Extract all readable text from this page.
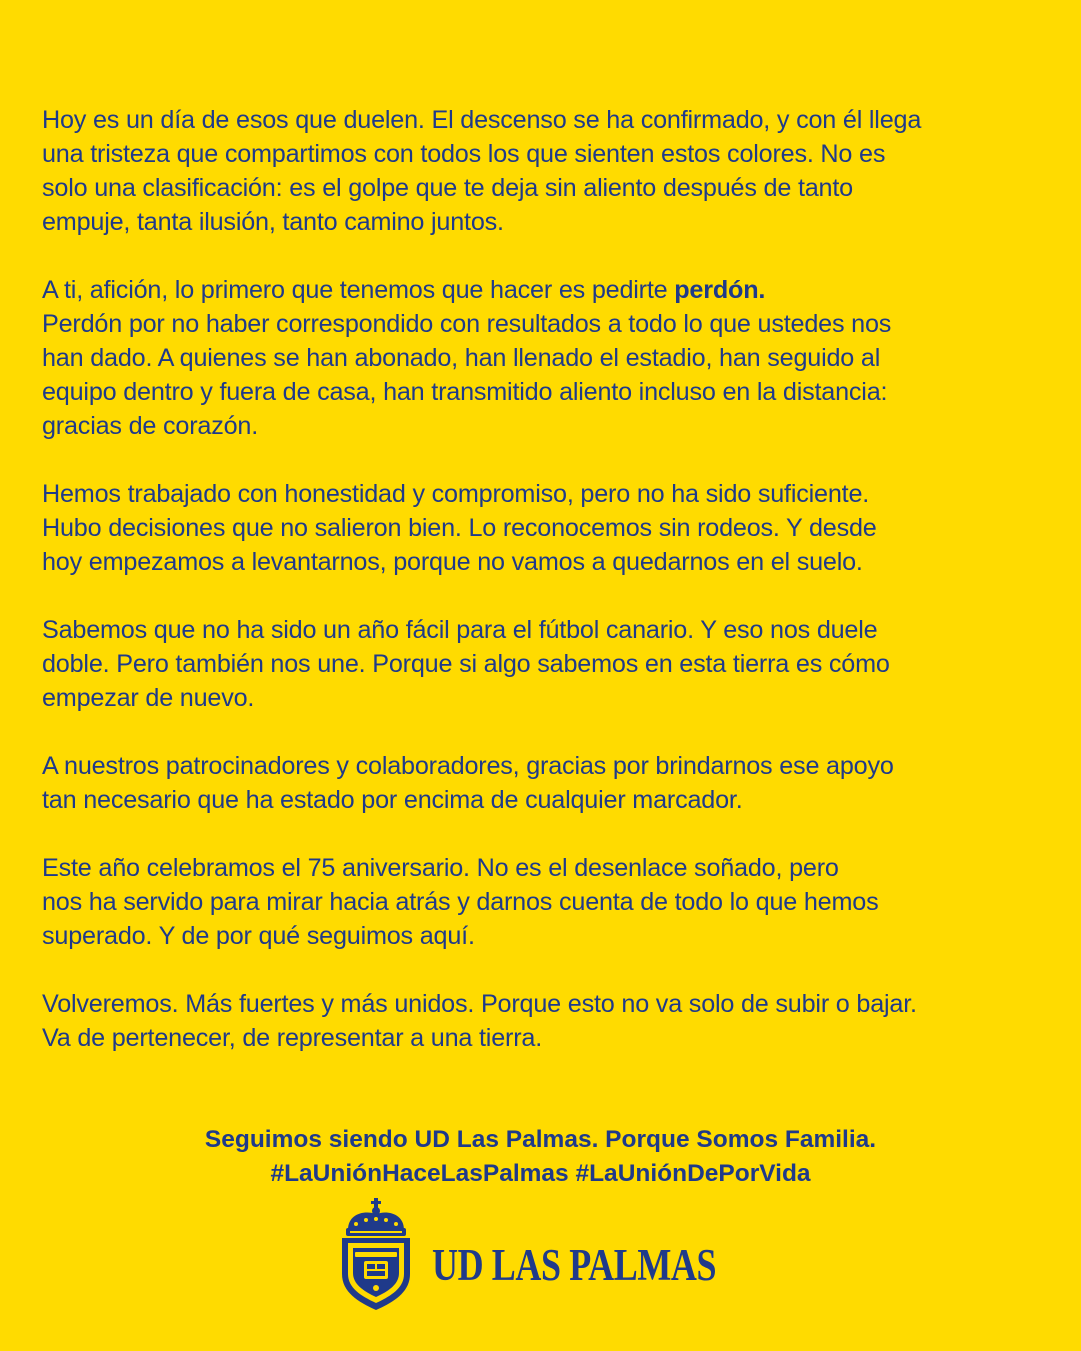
Hoy es un día de esos que duelen. El descenso se ha confirmado, y con él llega
una tristeza que compartimos con todos los que sienten estos colores. No es
solo una clasificación: es el golpe que te deja sin aliento después de tanto
empuje, tanta ilusión, tanto camino juntos.
A ti, afición, lo primero que tenemos que hacer es pedirte perdón.
Perdón por no haber correspondido con resultados a todo lo que ustedes nos
han dado. A quienes se han abonado, han llenado el estadio, han seguido al
equipo dentro y fuera de casa, han transmitido aliento incluso en la distancia:
gracias de corazón.
Hemos trabajado con honestidad y compromiso, pero no ha sido suficiente.
Hubo decisiones que no salieron bien. Lo reconocemos sin rodeos. Y desde
hoy empezamos a levantarnos, porque no vamos a quedarnos en el suelo.
Sabemos que no ha sido un año fácil para el fútbol canario. Y eso nos duele
doble. Pero también nos une. Porque si algo sabemos en esta tierra es cómo
empezar de nuevo.
A nuestros patrocinadores y colaboradores, gracias por brindarnos ese apoyo
tan necesario que ha estado por encima de cualquier marcador.
Este año celebramos el 75 aniversario. No es el desenlace soñado, pero
nos ha servido para mirar hacia atrás y darnos cuenta de todo lo que hemos
superado. Y de por qué seguimos aquí.
Volveremos. Más fuertes y más unidos. Porque esto no va solo de subir o bajar.
Va de pertenecer, de representar a una tierra.
Seguimos siendo UD Las Palmas. Porque Somos Familia.
#LaUniónHaceLasPalmas #LaUniónDePorVida
UD LAS PALMAS
